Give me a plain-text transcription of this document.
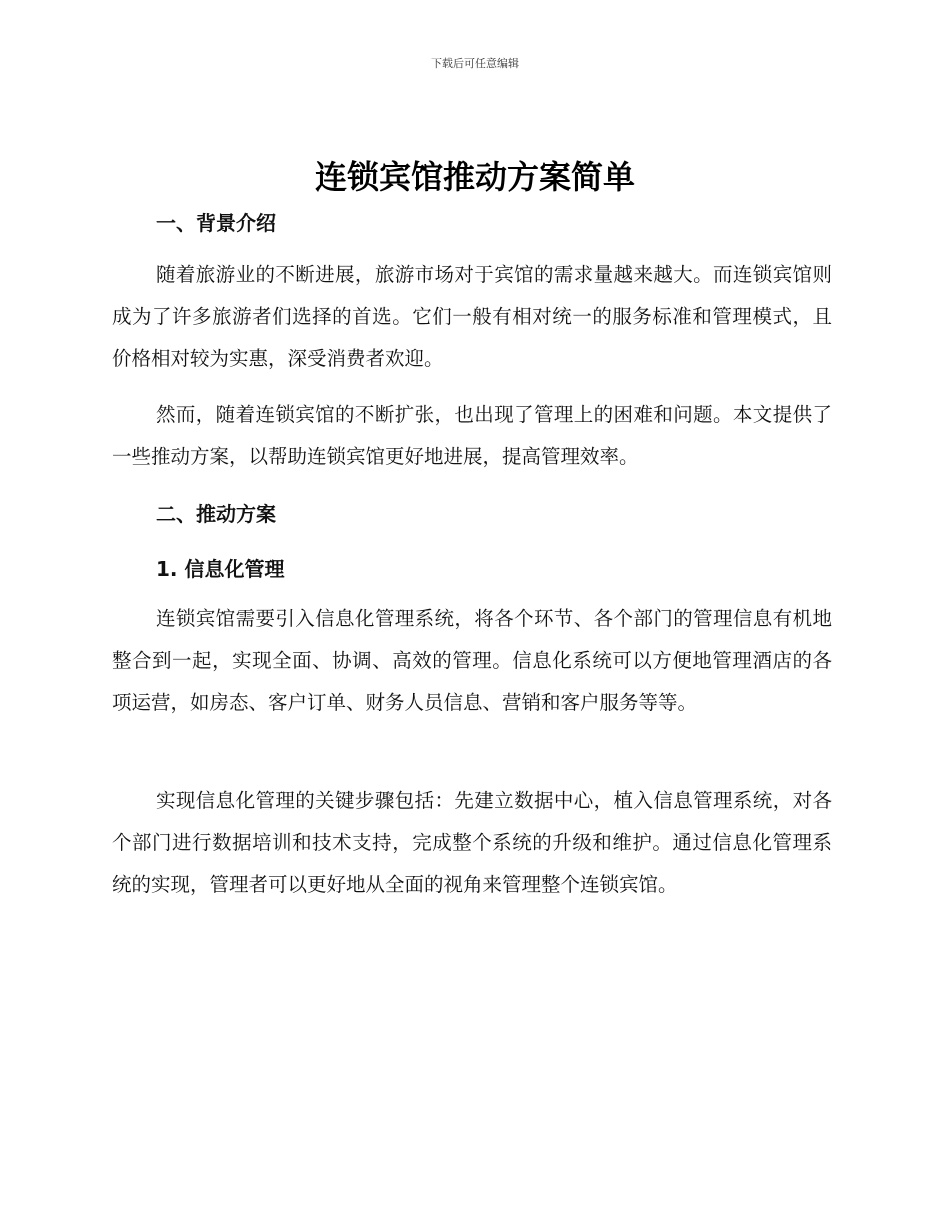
下载后可任意编辑
连锁宾馆推动方案简单
一、背景介绍
随着旅游业的不断进展，旅游市场对于宾馆的需求量越来越大。而连锁宾馆则成为了许多旅游者们选择的首选。它们一般有相对统一的服务标准和管理模式，且价格相对较为实惠，深受消费者欢迎。
然而，随着连锁宾馆的不断扩张，也出现了管理上的困难和问题。本文提供了一些推动方案，以帮助连锁宾馆更好地进展，提高管理效率。
二、推动方案
1. 信息化管理
连锁宾馆需要引入信息化管理系统，将各个环节、各个部门的管理信息有机地整合到一起，实现全面、协调、高效的管理。信息化系统可以方便地管理酒店的各项运营，如房态、客户订单、财务人员信息、营销和客户服务等等。
实现信息化管理的关键步骤包括：先建立数据中心，植入信息管理系统，对各个部门进行数据培训和技术支持，完成整个系统的升级和维护。通过信息化管理系统的实现，管理者可以更好地从全面的视角来管理整个连锁宾馆。
